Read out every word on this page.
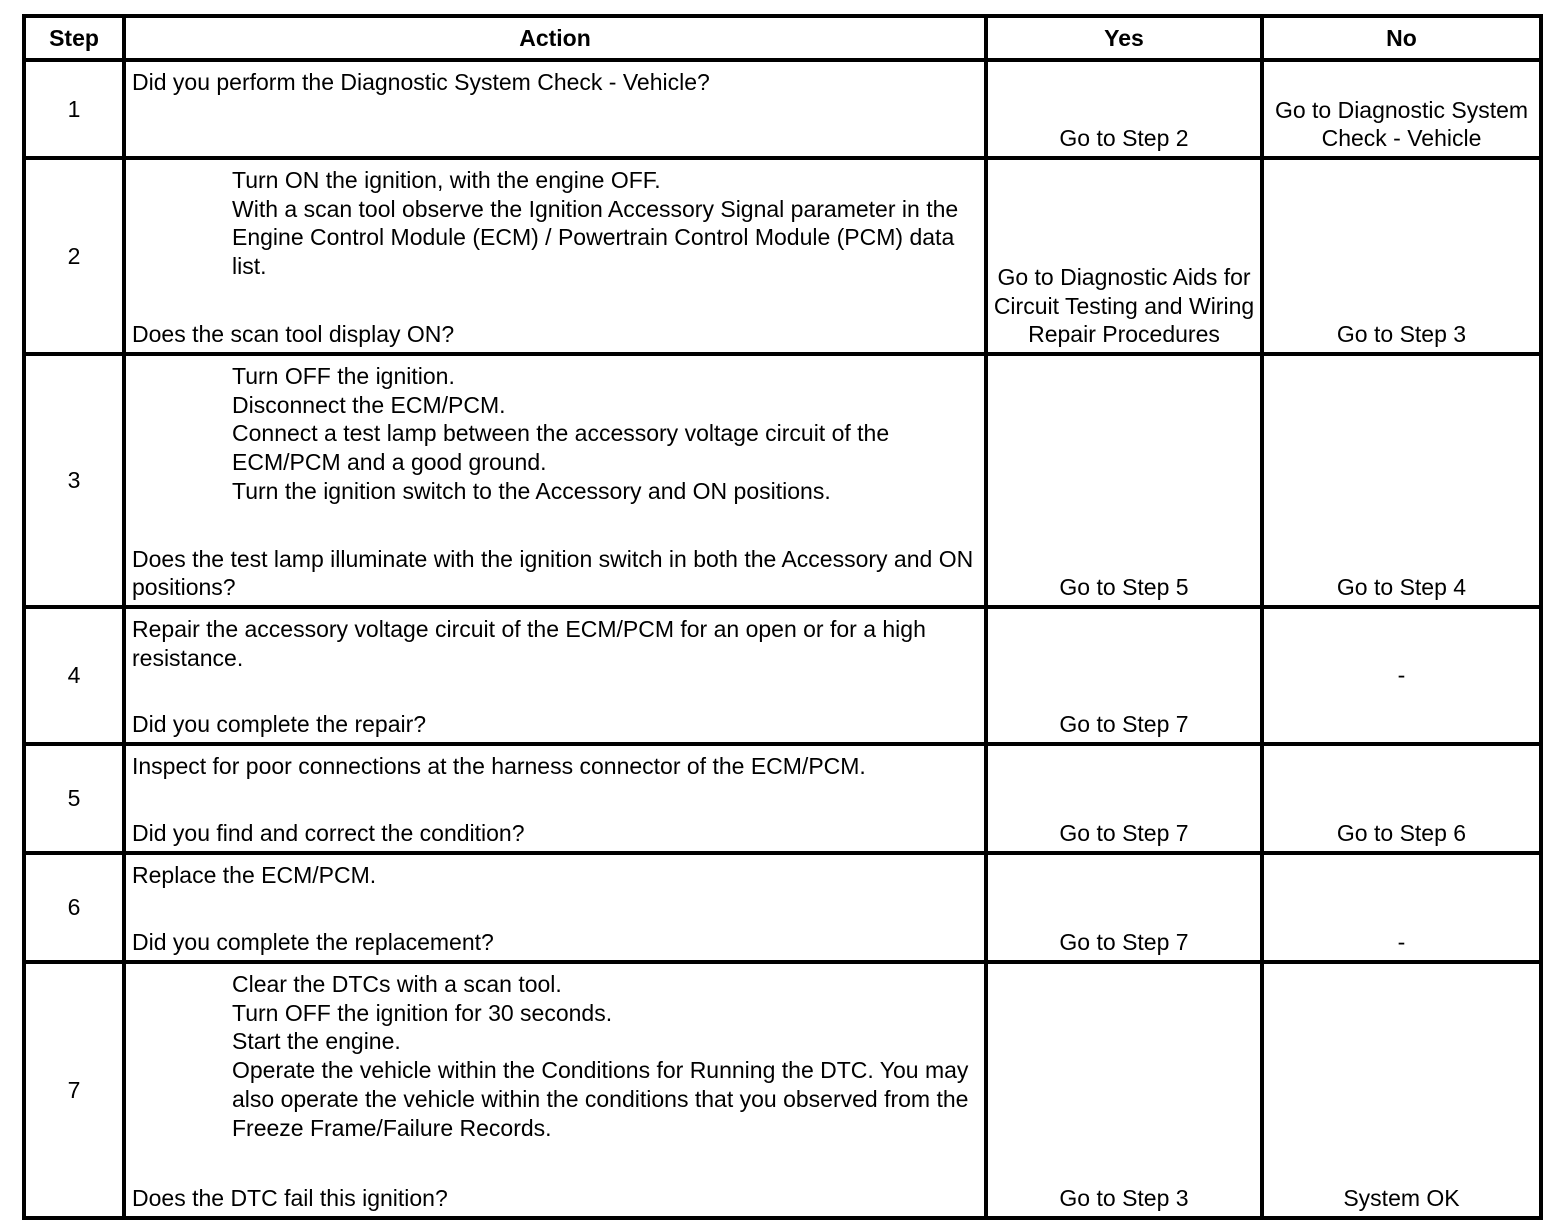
Step	Action	Yes	No
1	Did you perform the Diagnostic System Check - Vehicle?	Go to Step 2	Go to Diagnostic System Check - Vehicle
2	Turn ON the ignition, with the engine OFF.
With a scan tool observe the Ignition Accessory Signal parameter in the Engine Control Module (ECM) / Powertrain Control Module (PCM) data list.
Does the scan tool display ON?	Go to Diagnostic Aids for Circuit Testing and Wiring Repair Procedures	Go to Step 3
3	Turn OFF the ignition.
Disconnect the ECM/PCM.
Connect a test lamp between the accessory voltage circuit of the ECM/PCM and a good ground.
Turn the ignition switch to the Accessory and ON positions.
Does the test lamp illuminate with the ignition switch in both the Accessory and ON positions?	Go to Step 5	Go to Step 4
4	Repair the accessory voltage circuit of the ECM/PCM for an open or for a high resistance.
Did you complete the repair?	Go to Step 7	-
5	Inspect for poor connections at the harness connector of the ECM/PCM.
Did you find and correct the condition?	Go to Step 7	Go to Step 6
6	Replace the ECM/PCM.
Did you complete the replacement?	Go to Step 7	-
7	Clear the DTCs with a scan tool.
Turn OFF the ignition for 30 seconds.
Start the engine.
Operate the vehicle within the Conditions for Running the DTC. You may also operate the vehicle within the conditions that you observed from the Freeze Frame/Failure Records.
Does the DTC fail this ignition?	Go to Step 3	System OK
